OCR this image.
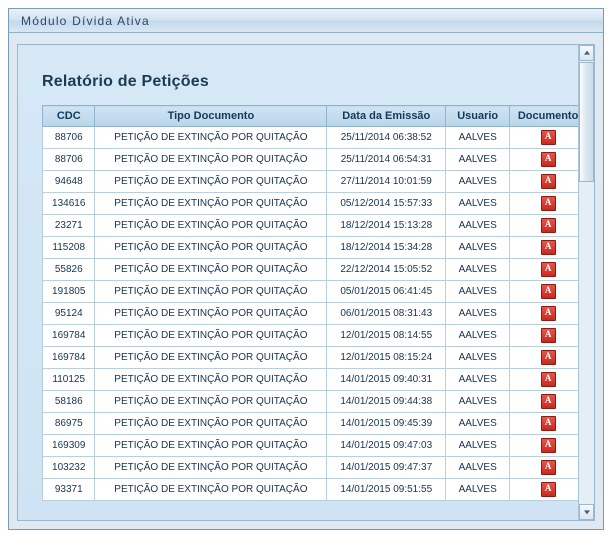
Módulo Dívida Ativa
Relatório de Petições
CDC	Tipo Documento	Data da Emissão	Usuario	Documento
88706	PETIÇÃO DE EXTINÇÃO POR QUITAÇÃO	25/11/2014 06:38:52	AALVES	A
88706	PETIÇÃO DE EXTINÇÃO POR QUITAÇÃO	25/11/2014 06:54:31	AALVES	A
94648	PETIÇÃO DE EXTINÇÃO POR QUITAÇÃO	27/11/2014 10:01:59	AALVES	A
134616	PETIÇÃO DE EXTINÇÃO POR QUITAÇÃO	05/12/2014 15:57:33	AALVES	A
23271	PETIÇÃO DE EXTINÇÃO POR QUITAÇÃO	18/12/2014 15:13:28	AALVES	A
115208	PETIÇÃO DE EXTINÇÃO POR QUITAÇÃO	18/12/2014 15:34:28	AALVES	A
55826	PETIÇÃO DE EXTINÇÃO POR QUITAÇÃO	22/12/2014 15:05:52	AALVES	A
191805	PETIÇÃO DE EXTINÇÃO POR QUITAÇÃO	05/01/2015 06:41:45	AALVES	A
95124	PETIÇÃO DE EXTINÇÃO POR QUITAÇÃO	06/01/2015 08:31:43	AALVES	A
169784	PETIÇÃO DE EXTINÇÃO POR QUITAÇÃO	12/01/2015 08:14:55	AALVES	A
169784	PETIÇÃO DE EXTINÇÃO POR QUITAÇÃO	12/01/2015 08:15:24	AALVES	A
110125	PETIÇÃO DE EXTINÇÃO POR QUITAÇÃO	14/01/2015 09:40:31	AALVES	A
58186	PETIÇÃO DE EXTINÇÃO POR QUITAÇÃO	14/01/2015 09:44:38	AALVES	A
86975	PETIÇÃO DE EXTINÇÃO POR QUITAÇÃO	14/01/2015 09:45:39	AALVES	A
169309	PETIÇÃO DE EXTINÇÃO POR QUITAÇÃO	14/01/2015 09:47:03	AALVES	A
103232	PETIÇÃO DE EXTINÇÃO POR QUITAÇÃO	14/01/2015 09:47:37	AALVES	A
93371	PETIÇÃO DE EXTINÇÃO POR QUITAÇÃO	14/01/2015 09:51:55	AALVES	A
